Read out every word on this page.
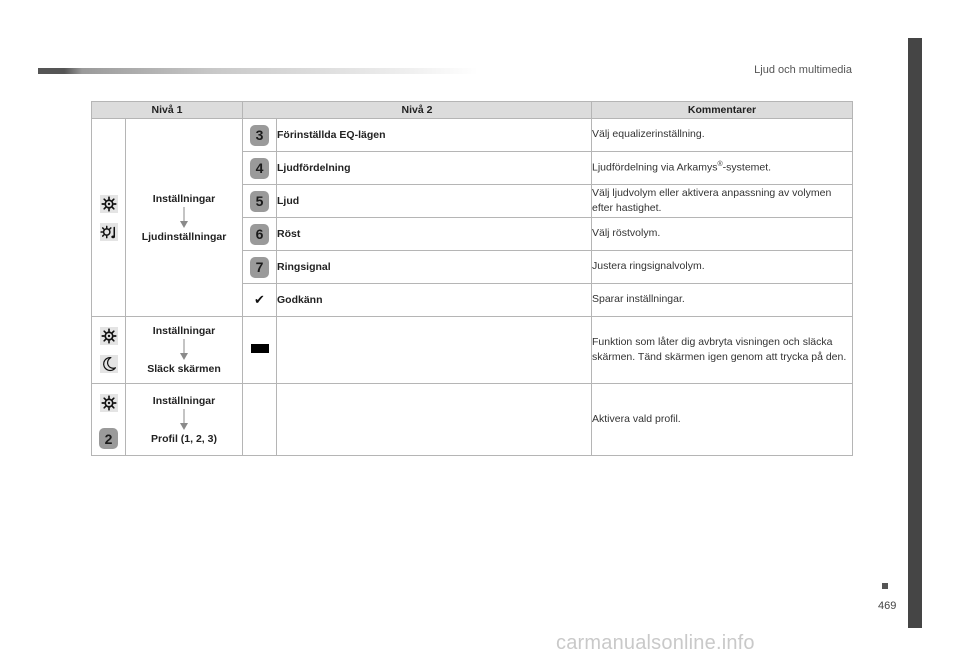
Ljud och multimedia
469
carmanualsonline.info
Nivå 1		Nivå 2		Kommentarer

Inställningar
Ljudinställningar	3	Förinställda EQ-lägen	Välj equalizerinställning.
		4	Ljudfördelning	Ljudfördelning via Arkamys®-systemet.
		5	Ljud	Välj ljudvolym eller aktivera anpassning av volymen efter hastighet.
		6	Röst	Välj röstvolym.
		7	Ringsignal	Justera ringsignalvolym.
		✔	Godkänn	Sparar inställningar.

Inställningar
Släck skärmen			Funktion som låter dig avbryta visningen och släcka skärmen. Tänd skärmen igen genom att trycka på den.

2	Inställningar
Profil (1, 2, 3)			Aktivera vald profil.
